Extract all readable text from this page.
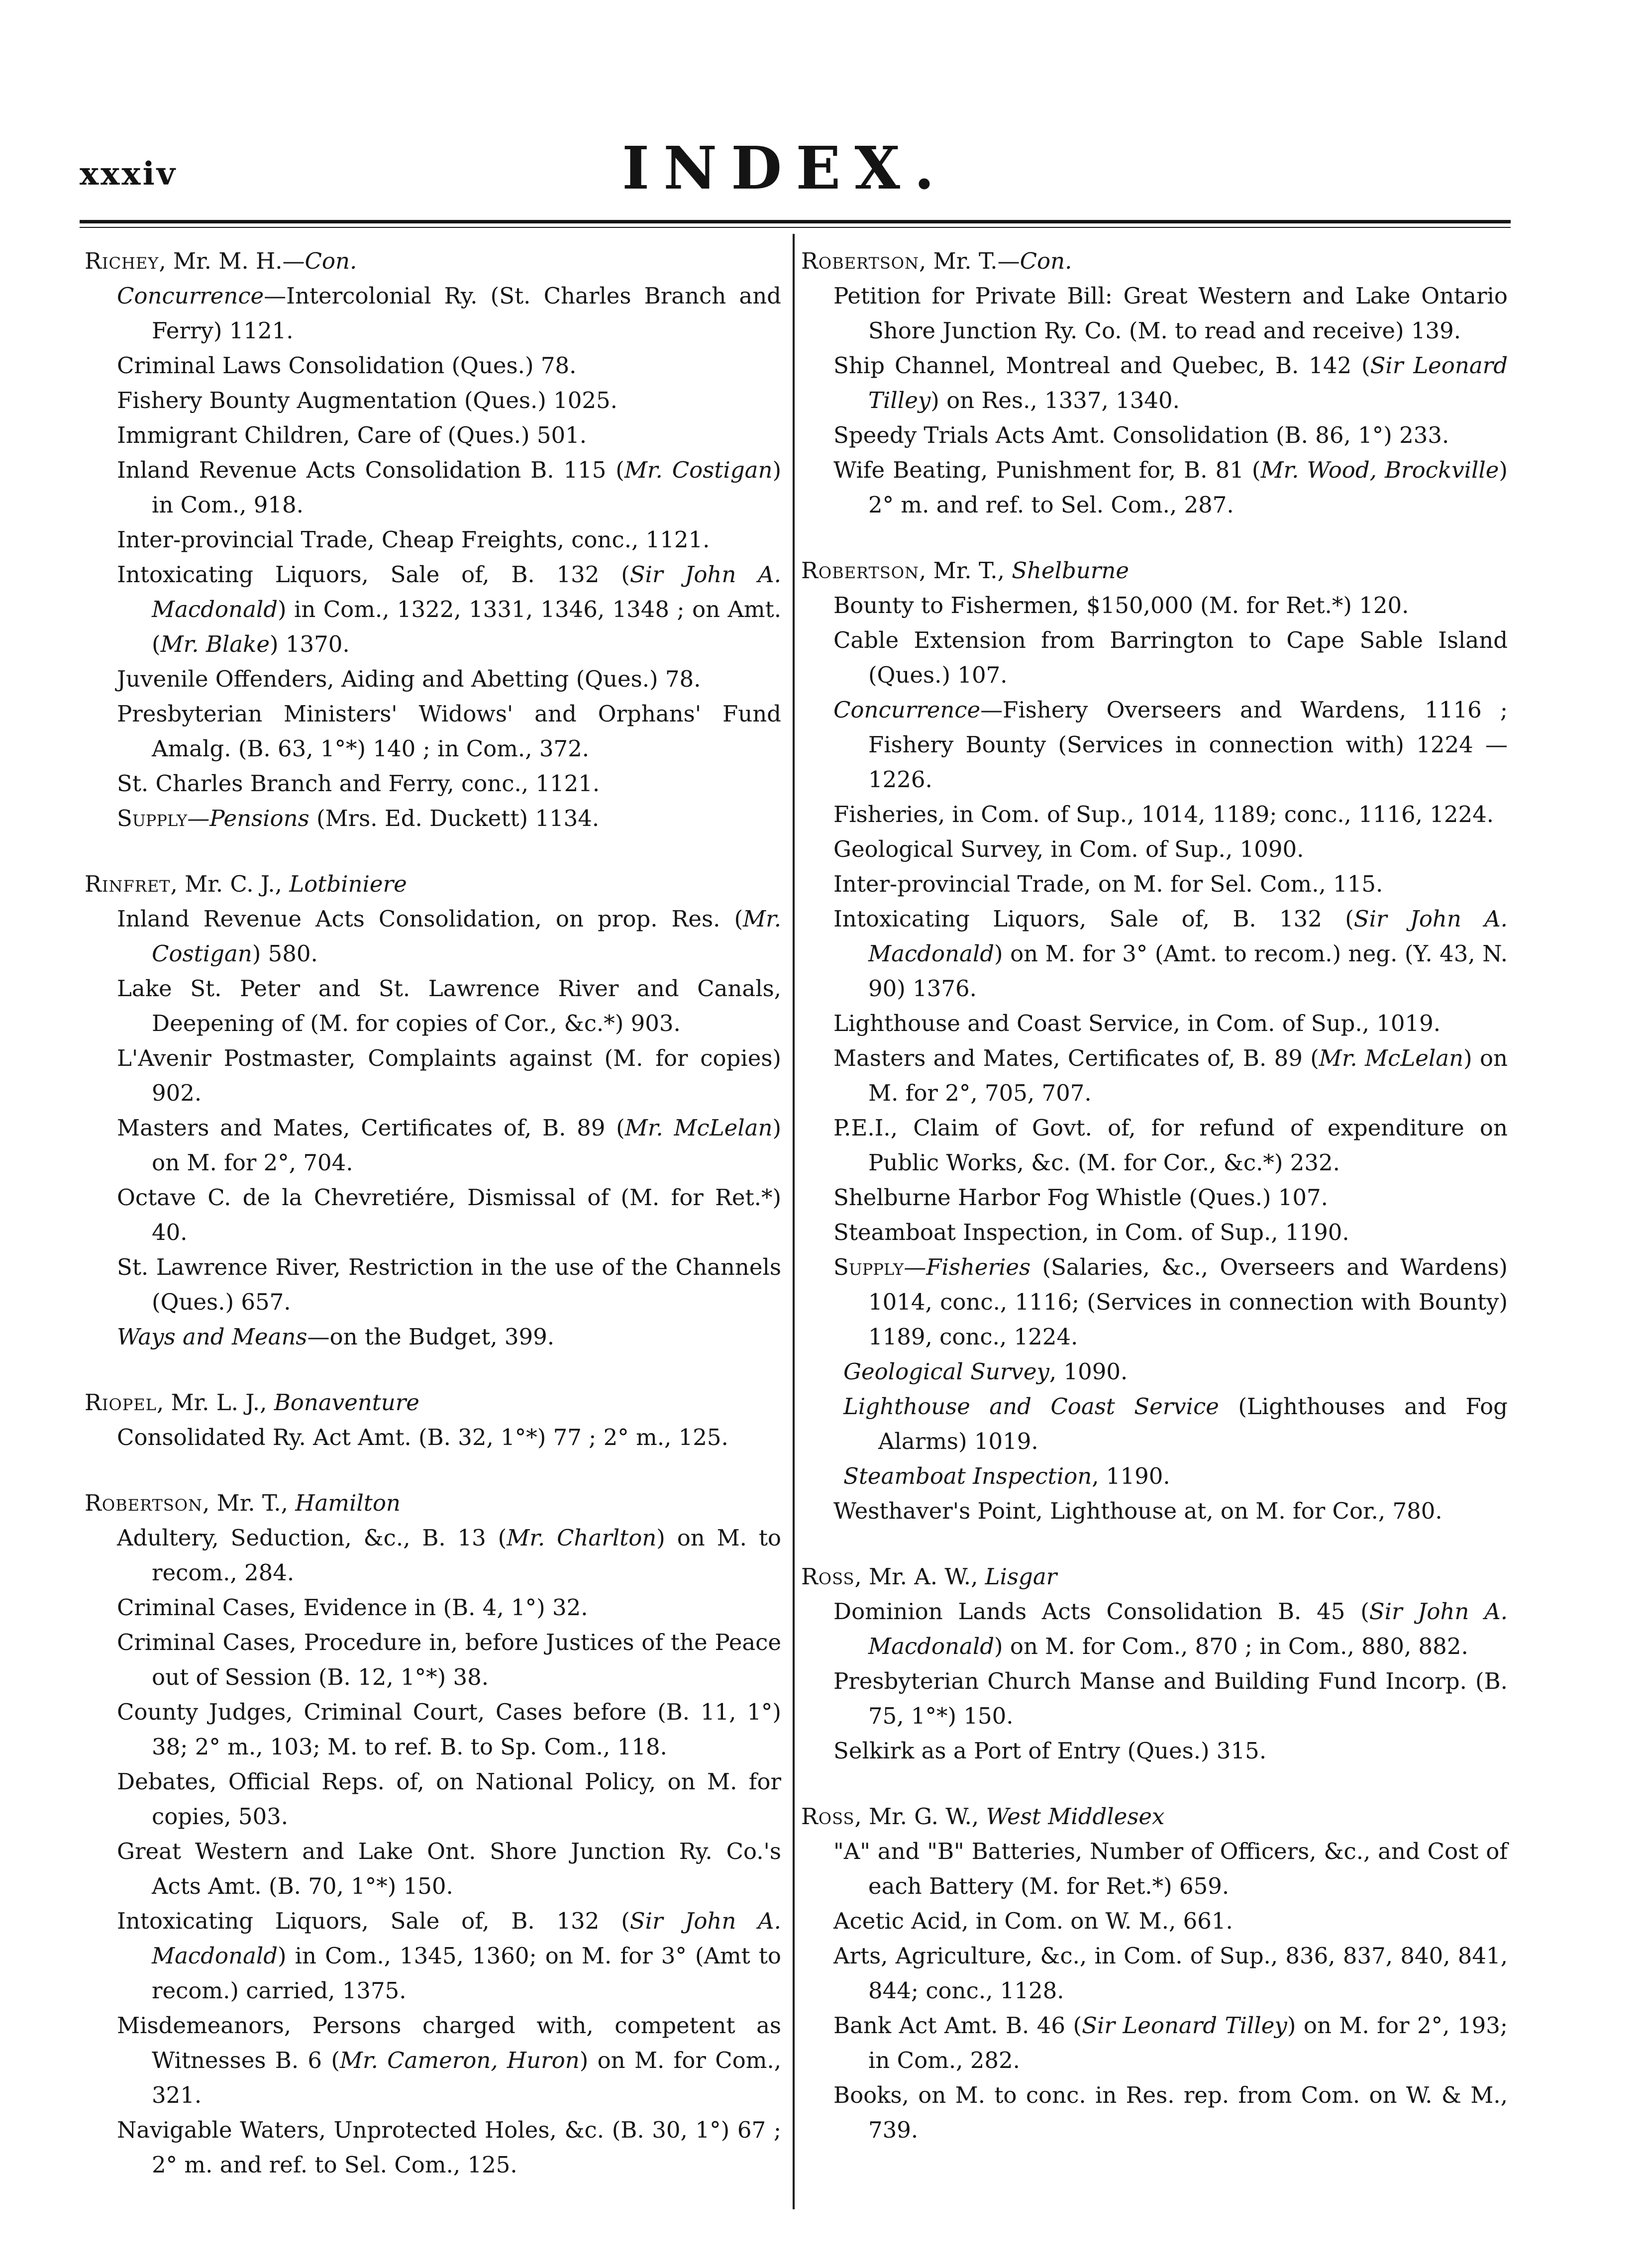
xxxiv	INDEX.

Richey, Mr. M. H.—Con.

Concurrence—Intercolonial Ry. (St. Charles Branch and Ferry) 1121.

Criminal Laws Consolidation (Ques.) 78.

Fishery Bounty Augmentation (Ques.) 1025.

Immigrant Children, Care of (Ques.) 501.

Inland Revenue Acts Consolidation B. 115 (Mr. Costigan) in Com., 918.

Inter-provincial Trade, Cheap Freights, conc., 1121.

Intoxicating Liquors, Sale of, B. 132 (Sir John A. Macdonald) in Com., 1322, 1331, 1346, 1348 ; on Amt. (Mr. Blake) 1370.

Juvenile Offenders, Aiding and Abetting (Ques.) 78.

Presbyterian Ministers' Widows' and Orphans' Fund Amalg. (B. 63, 1°*) 140 ; in Com., 372.

St. Charles Branch and Ferry, conc., 1121.

Supply—Pensions (Mrs. Ed. Duckett) 1134.

Rinfret, Mr. C. J., Lotbiniere

Inland Revenue Acts Consolidation, on prop. Res. (Mr. Costigan) 580.

Lake St. Peter and St. Lawrence River and Canals, Deepening of (M. for copies of Cor., &c.*) 903.

L'Avenir Postmaster, Complaints against (M. for copies) 902.

Masters and Mates, Certificates of, B. 89 (Mr. McLelan) on M. for 2°, 704.

Octave C. de la Chevretiére, Dismissal of (M. for Ret.*) 40.

St. Lawrence River, Restriction in the use of the Channels (Ques.) 657.

Ways and Means—on the Budget, 399.

Riopel, Mr. L. J., Bonaventure

Consolidated Ry. Act Amt. (B. 32, 1°*) 77 ; 2° m., 125.

Robertson, Mr. T., Hamilton

Adultery, Seduction, &c., B. 13 (Mr. Charlton) on M. to recom., 284.

Criminal Cases, Evidence in (B. 4, 1°) 32.

Criminal Cases, Procedure in, before Justices of the Peace out of Session (B. 12, 1°*) 38.

County Judges, Criminal Court, Cases before (B. 11, 1°) 38; 2° m., 103; M. to ref. B. to Sp. Com., 118.

Debates, Official Reps. of, on National Policy, on M. for copies, 503.

Great Western and Lake Ont. Shore Junction Ry. Co.'s Acts Amt. (B. 70, 1°*) 150.

Intoxicating Liquors, Sale of, B. 132 (Sir John A. Macdonald) in Com., 1345, 1360; on M. for 3° (Amt to recom.) carried, 1375.

Misdemeanors, Persons charged with, competent as Witnesses B. 6 (Mr. Cameron, Huron) on M. for Com., 321.

Navigable Waters, Unprotected Holes, &c. (B. 30, 1°) 67 ; 2° m. and ref. to Sel. Com., 125.

Robertson, Mr. T.—Con.

Petition for Private Bill: Great Western and Lake Ontario Shore Junction Ry. Co. (M. to read and receive) 139.

Ship Channel, Montreal and Quebec, B. 142 (Sir Leonard Tilley) on Res., 1337, 1340.

Speedy Trials Acts Amt. Consolidation (B. 86, 1°) 233.

Wife Beating, Punishment for, B. 81 (Mr. Wood, Brockville) 2° m. and ref. to Sel. Com., 287.

Robertson, Mr. T., Shelburne

Bounty to Fishermen, $150,000 (M. for Ret.*) 120.

Cable Extension from Barrington to Cape Sable Island (Ques.) 107.

Concurrence—Fishery Overseers and Wardens, 1116 ; Fishery Bounty (Services in connection with) 1224 —1226.

Fisheries, in Com. of Sup., 1014, 1189; conc., 1116, 1224.

Geological Survey, in Com. of Sup., 1090.

Inter-provincial Trade, on M. for Sel. Com., 115.

Intoxicating Liquors, Sale of, B. 132 (Sir John A. Macdonald) on M. for 3° (Amt. to recom.) neg. (Y. 43, N. 90) 1376.

Lighthouse and Coast Service, in Com. of Sup., 1019.

Masters and Mates, Certificates of, B. 89 (Mr. McLelan) on M. for 2°, 705, 707.

P.E.I., Claim of Govt. of, for refund of expenditure on Public Works, &c. (M. for Cor., &c.*) 232.

Shelburne Harbor Fog Whistle (Ques.) 107.

Steamboat Inspection, in Com. of Sup., 1190.

Supply—Fisheries (Salaries, &c., Overseers and Wardens) 1014, conc., 1116; (Services in connection with Bounty) 1189, conc., 1224.

Geological Survey, 1090.

Lighthouse and Coast Service (Lighthouses and Fog Alarms) 1019.

Steamboat Inspection, 1190.

Westhaver's Point, Lighthouse at, on M. for Cor., 780.

Ross, Mr. A. W., Lisgar

Dominion Lands Acts Consolidation B. 45 (Sir John A. Macdonald) on M. for Com., 870 ; in Com., 880, 882.

Presbyterian Church Manse and Building Fund Incorp. (B. 75, 1°*) 150.

Selkirk as a Port of Entry (Ques.) 315.

Ross, Mr. G. W., West Middlesex

"A" and "B" Batteries, Number of Officers, &c., and Cost of each Battery (M. for Ret.*) 659.

Acetic Acid, in Com. on W. M., 661.

Arts, Agriculture, &c., in Com. of Sup., 836, 837, 840, 841, 844; conc., 1128.

Bank Act Amt. B. 46 (Sir Leonard Tilley) on M. for 2°, 193; in Com., 282.

Books, on M. to conc. in Res. rep. from Com. on W. & M., 739.
